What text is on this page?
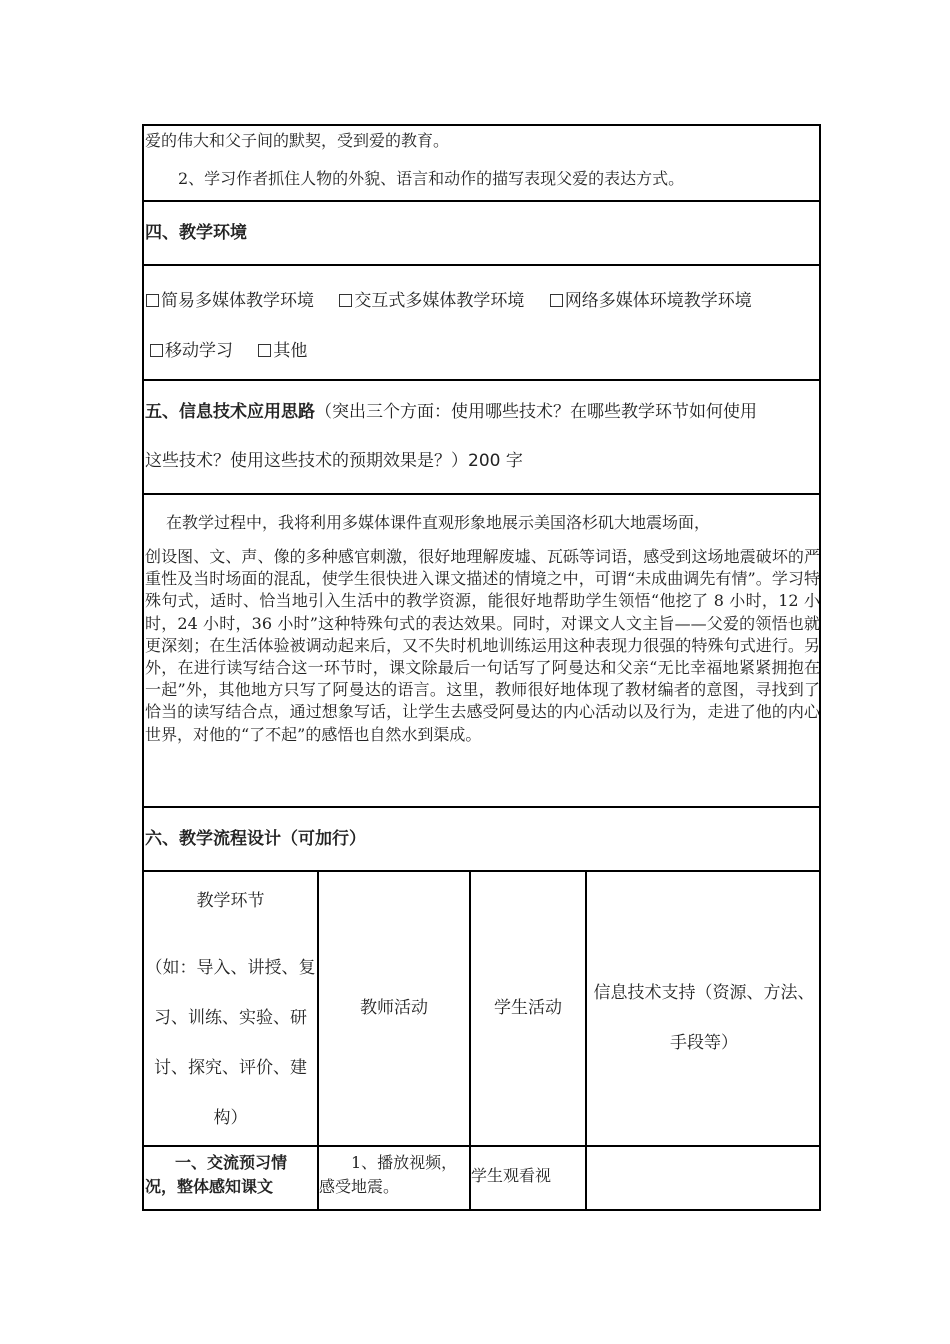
爱的伟大和父子间的默契，受到爱的教育。
2、学习作者抓住人物的外貌、语言和动作的描写表现父爱的表达方式。
四、教学环境
简易多媒体教学环境 交互式多媒体教学环境 网络多媒体环境教学环境
移动学习 其他
五、信息技术应用思路（突出三个方面：使用哪些技术？在哪些教学环节如何使用
这些技术？使用这些技术的预期效果是？）200 字
在教学过程中，我将利用多媒体课件直观形象地展示美国洛杉矶大地震场面，
创设图、文、声、像的多种感官刺激，很好地理解废墟、瓦砾等词语，感受到这场地震破坏的严重性及当时场面的混乱，使学生很快进入课文描述的情境之中，可谓“未成曲调先有情”。学习特殊句式，适时、恰当地引入生活中的教学资源，能很好地帮助学生领悟“他挖了 8 小时，12 小时，24 小时，36 小时”这种特殊句式的表达效果。同时，对课文人文主旨——父爱的领悟也就更深刻；在生活体验被调动起来后，又不失时机地训练运用这种表现力很强的特殊句式进行。另外，在进行读写结合这一环节时，课文除最后一句话写了阿曼达和父亲“无比幸福地紧紧拥抱在一起”外，其他地方只写了阿曼达的语言。这里，教师很好地体现了教材编者的意图，寻找到了恰当的读写结合点，通过想象写话，让学生去感受阿曼达的内心活动以及行为，走进了他的内心世界，对他的“了不起”的感悟也自然水到渠成。
六、教学流程设计（可加行）
教学环节
（如：导入、讲授、复
习、训练、实验、研
讨、探究、评价、建
构）
教师活动	学生活动
信息技术支持（资源、方法、
手段等）
一、交流预习情
况，整体感知课文
1、播放视频，
感受地震。
学生观看视
